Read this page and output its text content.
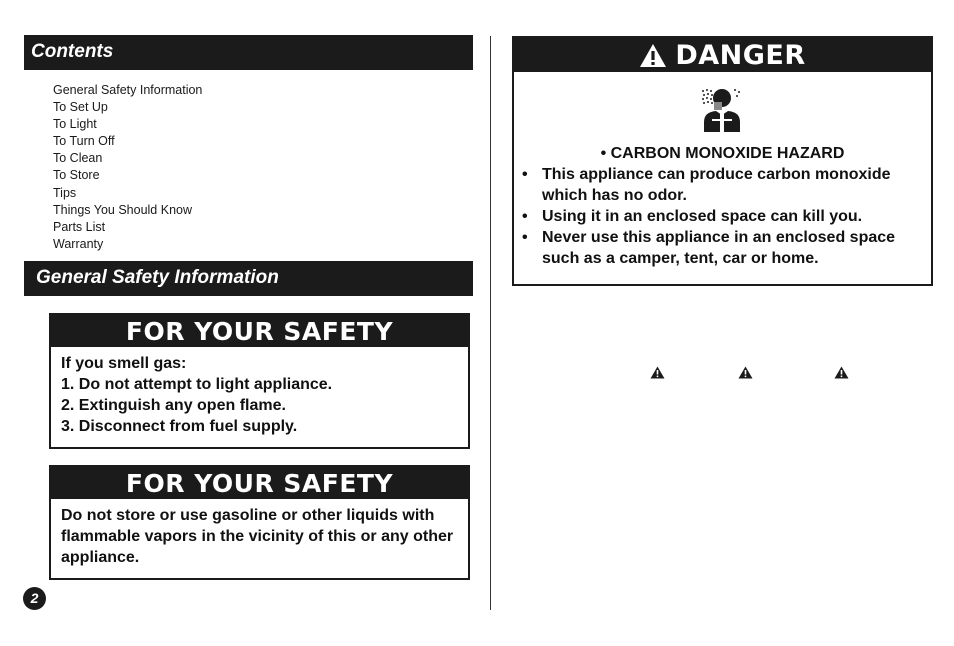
Contents
General Safety Information
To Set Up
To Light
To Turn Off
To Clean
To Store
Tips
Things You Should Know
Parts List
Warranty
General Safety Information
FOR YOUR SAFETY
If you smell gas:
1. Do not attempt to light appliance.
2. Extinguish any open flame.
3. Disconnect from fuel supply.
FOR YOUR SAFETY
Do not store or use gasoline or other liquids with flammable vapors in the vicinity of this or any other appliance.
2
DANGER
• CARBON MONOXIDE HAZARD
• This appliance can produce carbon monoxide which has no odor.
• Using it in an enclosed space can kill you.
• Never use this appliance in an enclosed space such as a camper, tent, car or home.
